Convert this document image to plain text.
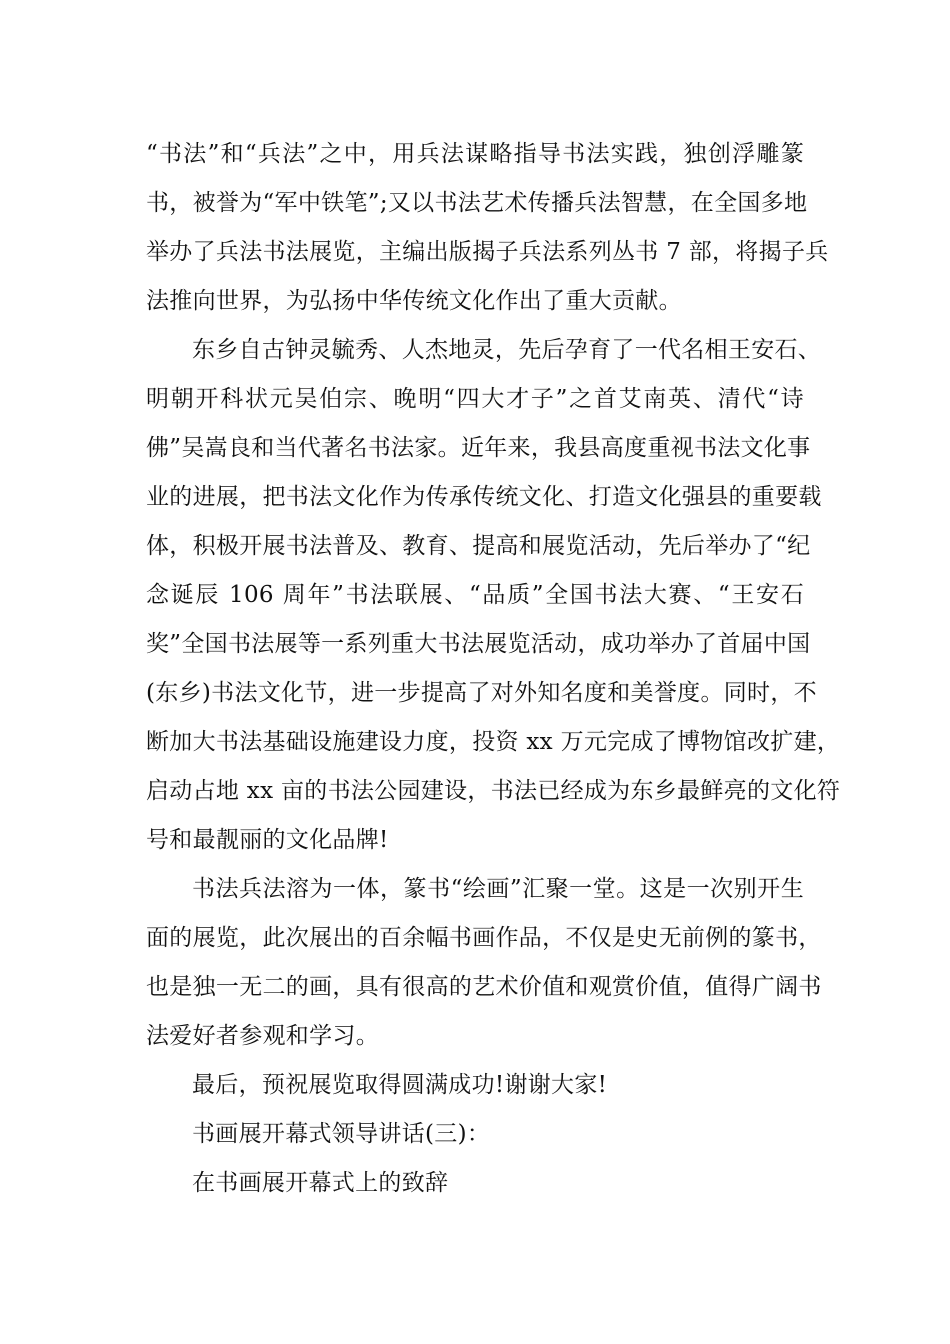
“书法”和“兵法”之中，用兵法谋略指导书法实践，独创浮雕篆
书，被誉为“军中铁笔”;又以书法艺术传播兵法智慧，在全国多地
举办了兵法书法展览，主编出版揭子兵法系列丛书 7 部，将揭子兵
法推向世界，为弘扬中华传统文化作出了重大贡献。
东乡自古钟灵毓秀、人杰地灵，先后孕育了一代名相王安石、
明朝开科状元吴伯宗、晚明“四大才子”之首艾南英、清代“诗
佛”吴嵩良和当代著名书法家。近年来，我县高度重视书法文化事
业的进展，把书法文化作为传承传统文化、打造文化强县的重要载
体，积极开展书法普及、教育、提高和展览活动，先后举办了“纪
念诞辰 106 周年”书法联展、“品质”全国书法大赛、“王安石
奖”全国书法展等一系列重大书法展览活动，成功举办了首届中国
(东乡)书法文化节，进一步提高了对外知名度和美誉度。同时，不
断加大书法基础设施建设力度，投资 xx 万元完成了博物馆改扩建，
启动占地 xx 亩的书法公园建设，书法已经成为东乡最鲜亮的文化符
号和最靓丽的文化品牌!
书法兵法溶为一体，篆书“绘画”汇聚一堂。这是一次别开生
面的展览，此次展出的百余幅书画作品，不仅是史无前例的篆书，
也是独一无二的画，具有很高的艺术价值和观赏价值，值得广阔书
法爱好者参观和学习。
最后，预祝展览取得圆满成功!谢谢大家!
书画展开幕式领导讲话(三)：
在书画展开幕式上的致辞
